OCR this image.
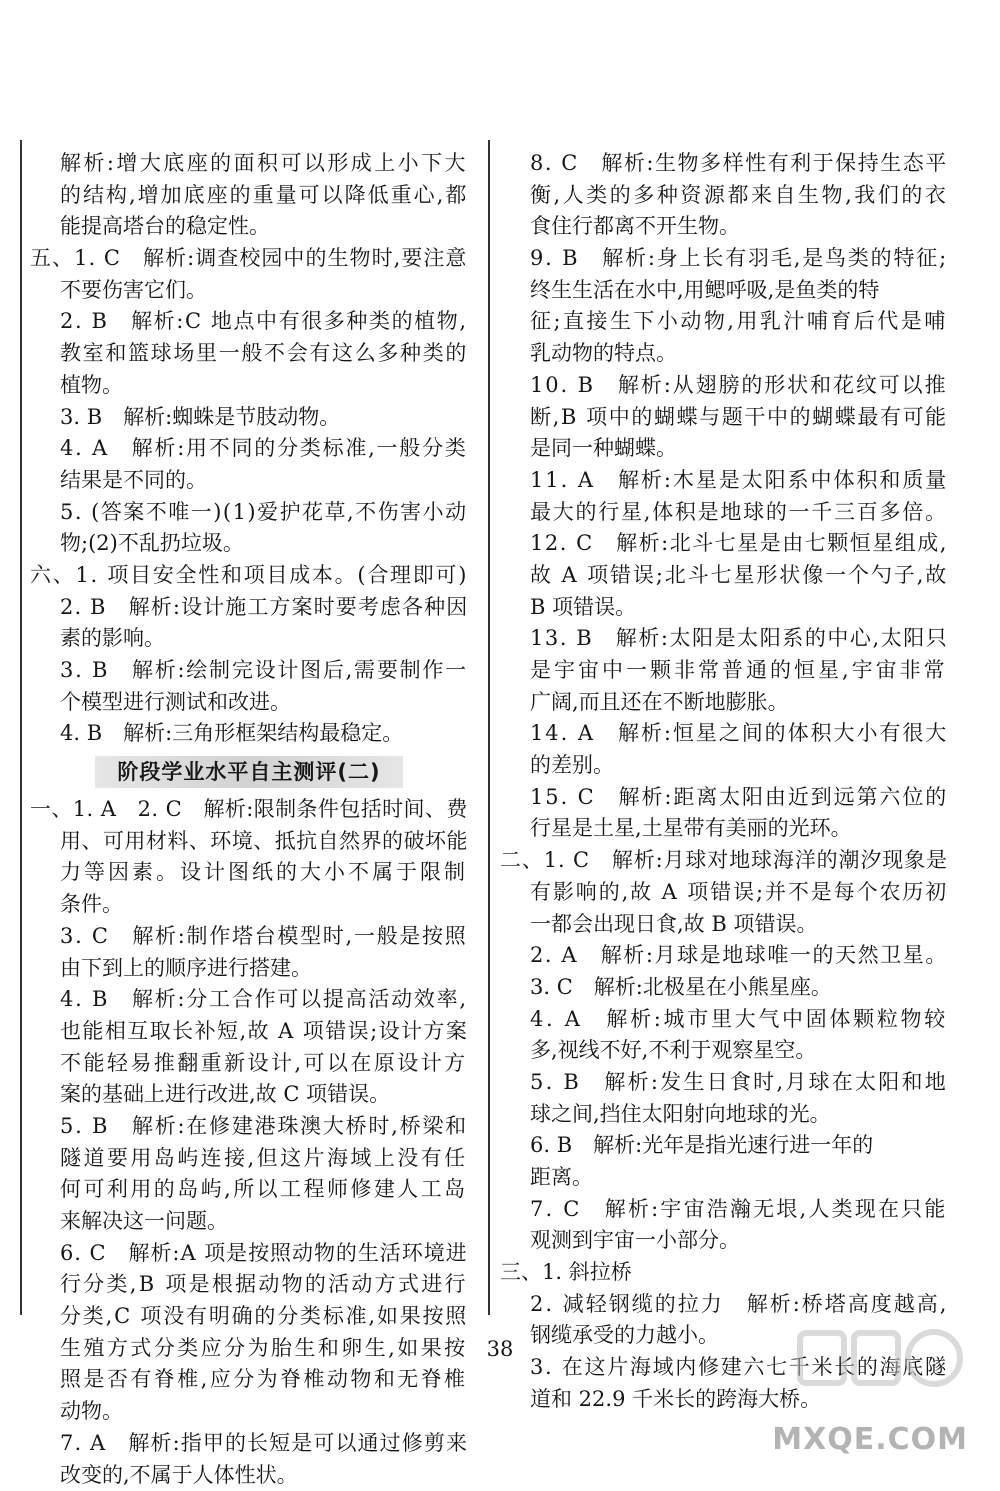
解析:增大底座的面积可以形成上小下大
的结构,增加底座的重量可以降低重心,都
能提高塔台的稳定性。
五、1. C　解析:调查校园中的生物时,要注意
不要伤害它们。
2. B　解析:C 地点中有很多种类的植物,
教室和篮球场里一般不会有这么多种类的
植物。
3. B　解析:蜘蛛是节肢动物。
4. A　解析:用不同的分类标准,一般分类
结果是不同的。
5. (答案不唯一)(1)爱护花草,不伤害小动
物;(2)不乱扔垃圾。
六、1. 项目安全性和项目成本。(合理即可)
2. B　解析:设计施工方案时要考虑各种因
素的影响。
3. B　解析:绘制完设计图后,需要制作一
个模型进行测试和改进。
4. B　解析:三角形框架结构最稳定。
阶段学业水平自主测评(二)
一、1. A　2. C　解析:限制条件包括时间、费
用、可用材料、环境、抵抗自然界的破坏能
力等因素。设计图纸的大小不属于限制
条件。
3. C　解析:制作塔台模型时,一般是按照
由下到上的顺序进行搭建。
4. B　解析:分工合作可以提高活动效率,
也能相互取长补短,故 A 项错误;设计方案
不能轻易推翻重新设计,可以在原设计方
案的基础上进行改进,故 C 项错误。
5. B　解析:在修建港珠澳大桥时,桥梁和
隧道要用岛屿连接,但这片海域上没有任
何可利用的岛屿,所以工程师修建人工岛
来解决这一问题。
6. C　解析:A 项是按照动物的生活环境进
行分类,B 项是根据动物的活动方式进行
分类,C 项没有明确的分类标准,如果按照
生殖方式分类应分为胎生和卵生,如果按
照是否有脊椎,应分为脊椎动物和无脊椎
动物。
7. A　解析:指甲的长短是可以通过修剪来
改变的,不属于人体性状。
8. C　解析:生物多样性有利于保持生态平
衡,人类的多种资源都来自生物,我们的衣
食住行都离不开生物。
9. B　解析:身上长有羽毛,是鸟类的特征;
终生生活在水中,用鳃呼吸,是鱼类的特
征;直接生下小动物,用乳汁哺育后代是哺
乳动物的特点。
10. B　解析:从翅膀的形状和花纹可以推
断,B 项中的蝴蝶与题干中的蝴蝶最有可能
是同一种蝴蝶。
11. A　解析:木星是太阳系中体积和质量
最大的行星,体积是地球的一千三百多倍。
12. C　解析:北斗七星是由七颗恒星组成,
故 A 项错误;北斗七星形状像一个勺子,故
B 项错误。
13. B　解析:太阳是太阳系的中心,太阳只
是宇宙中一颗非常普通的恒星,宇宙非常
广阔,而且还在不断地膨胀。
14. A　解析:恒星之间的体积大小有很大
的差别。
15. C　解析:距离太阳由近到远第六位的
行星是土星,土星带有美丽的光环。
二、1. C　解析:月球对地球海洋的潮汐现象是
有影响的,故 A 项错误;并不是每个农历初
一都会出现日食,故 B 项错误。
2. A　解析:月球是地球唯一的天然卫星。
3. C　解析:北极星在小熊星座。
4. A　解析:城市里大气中固体颗粒物较
多,视线不好,不利于观察星空。
5. B　解析:发生日食时,月球在太阳和地
球之间,挡住太阳射向地球的光。
6. B　解析:光年是指光速行进一年的
距离。
7. C　解析:宇宙浩瀚无垠,人类现在只能
观测到宇宙一小部分。
三、1. 斜拉桥
2. 减轻钢缆的拉力　解析:桥塔高度越高,
钢缆承受的力越小。
3. 在这片海域内修建六七千米长的海底隧
道和 22.9 千米长的跨海大桥。
38
MXQE.COM
